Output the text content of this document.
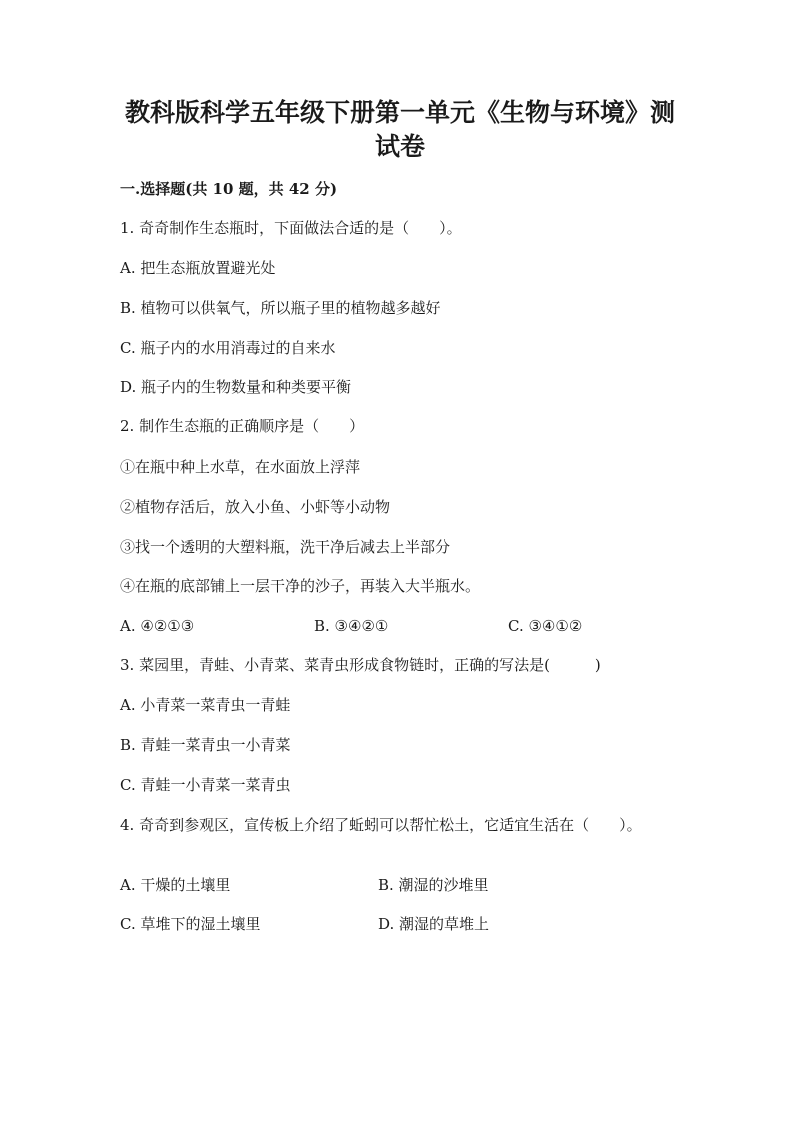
教科版科学五年级下册第一单元《生物与环境》测
试卷

一.选择题(共 10 题，共 42 分)

1. 奇奇制作生态瓶时，下面做法合适的是（　　）。

A. 把生态瓶放置避光处

B. 植物可以供氧气，所以瓶子里的植物越多越好

C. 瓶子内的水用消毒过的自来水

D. 瓶子内的生物数量和种类要平衡

2. 制作生态瓶的正确顺序是（　　）

①在瓶中种上水草，在水面放上浮萍

②植物存活后，放入小鱼、小虾等小动物

③找一个透明的大塑料瓶，洗干净后减去上半部分

④在瓶的底部铺上一层干净的沙子，再装入大半瓶水。

A. ④②①③	B. ③④②①	C. ③④①②

3. 菜园里，青蛙、小青菜、菜青虫形成食物链时，正确的写法是(　　　)

A. 小青菜一菜青虫一青蛙

B. 青蛙一菜青虫一小青菜

C. 青蛙一小青菜一菜青虫

4. 奇奇到参观区，宣传板上介绍了蚯蚓可以帮忙松土，它适宜生活在（　　）。

A. 干燥的土壤里	B. 潮湿的沙堆里

C. 草堆下的湿土壤里	D. 潮湿的草堆上
